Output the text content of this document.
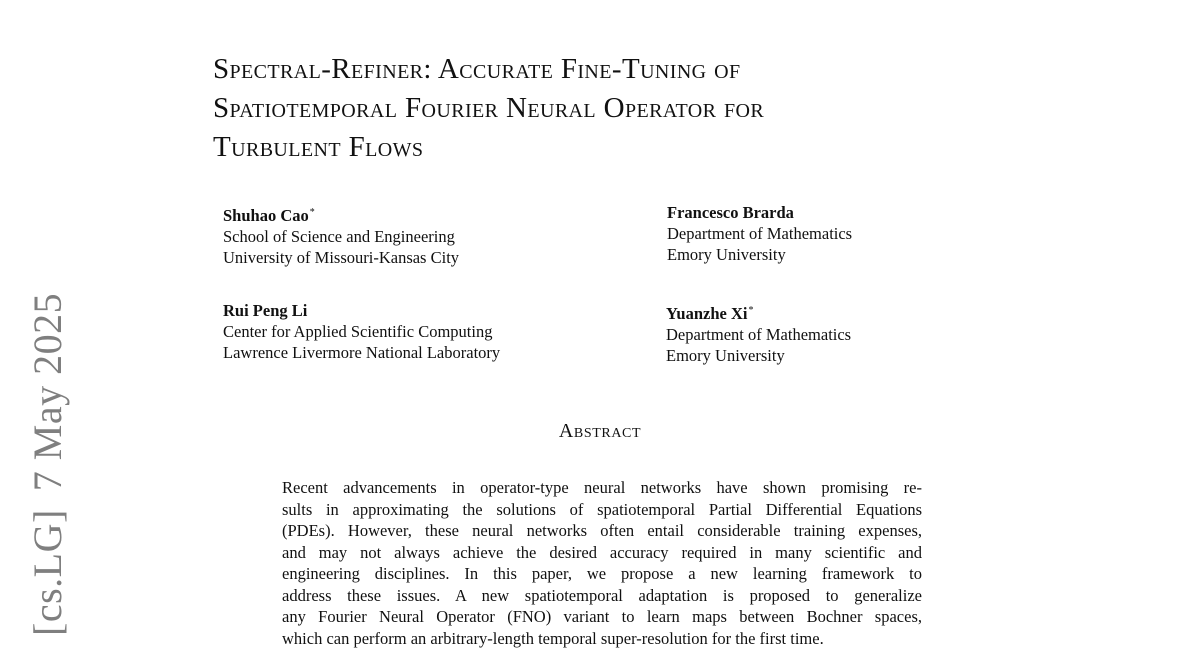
[cs.LG]7 May 2025
Spectral-Refiner: Accurate Fine-Tuning of
Spatiotemporal Fourier Neural Operator for
Turbulent Flows
Shuhao Cao*
School of Science and Engineering
University of Missouri-Kansas City
Francesco Brarda
Department of Mathematics
Emory University
Rui Peng Li
Center for Applied Scientific Computing
Lawrence Livermore National Laboratory
Yuanzhe Xi*
Department of Mathematics
Emory University
Abstract
Recent advancements in operator-type neural networks have shown promising re-
sults in approximating the solutions of spatiotemporal Partial Differential Equations
(PDEs). However, these neural networks often entail considerable training expenses,
and may not always achieve the desired accuracy required in many scientific and
engineering disciplines. In this paper, we propose a new learning framework to
address these issues. A new spatiotemporal adaptation is proposed to generalize
any Fourier Neural Operator (FNO) variant to learn maps between Bochner spaces,
which can perform an arbitrary-length temporal super-resolution for the first time.
